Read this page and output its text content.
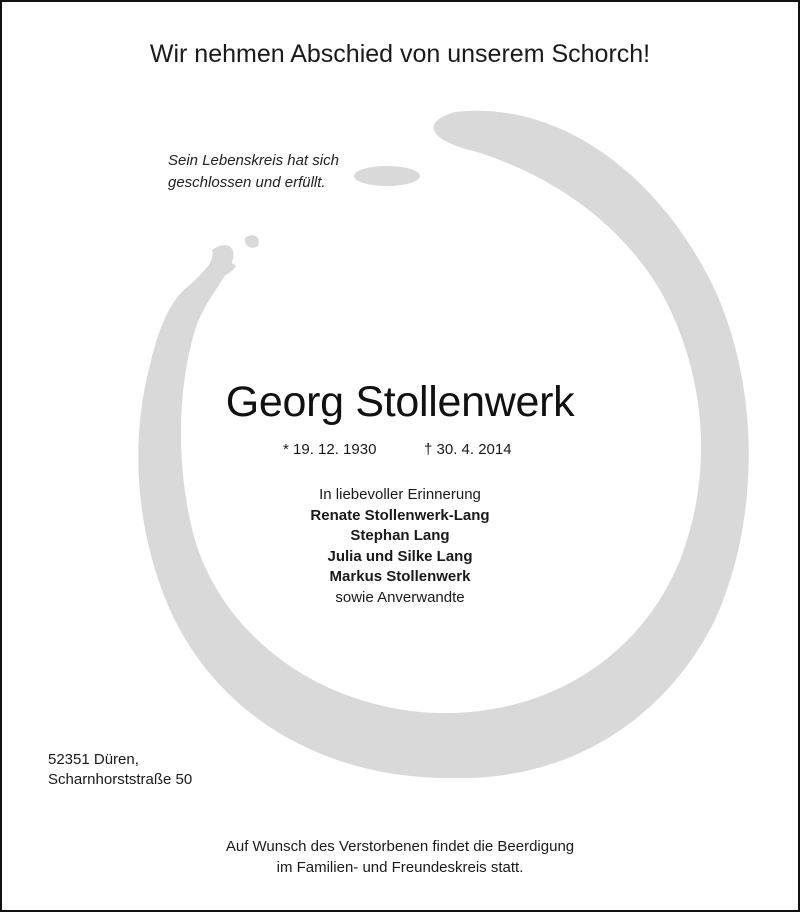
Wir nehmen Abschied von unserem Schorch!
Sein Lebenskreis hat sich
geschlossen und erfüllt.
Georg Stollenwerk
* 19. 12. 1930	† 30. 4. 2014
In liebevoller Erinnerung
Renate Stollenwerk-Lang
Stephan Lang
Julia und Silke Lang
Markus Stollenwerk
sowie Anverwandte
52351 Düren,
Scharnhorststraße 50
Auf Wunsch des Verstorbenen findet die Beerdigung
im Familien- und Freundeskreis statt.
